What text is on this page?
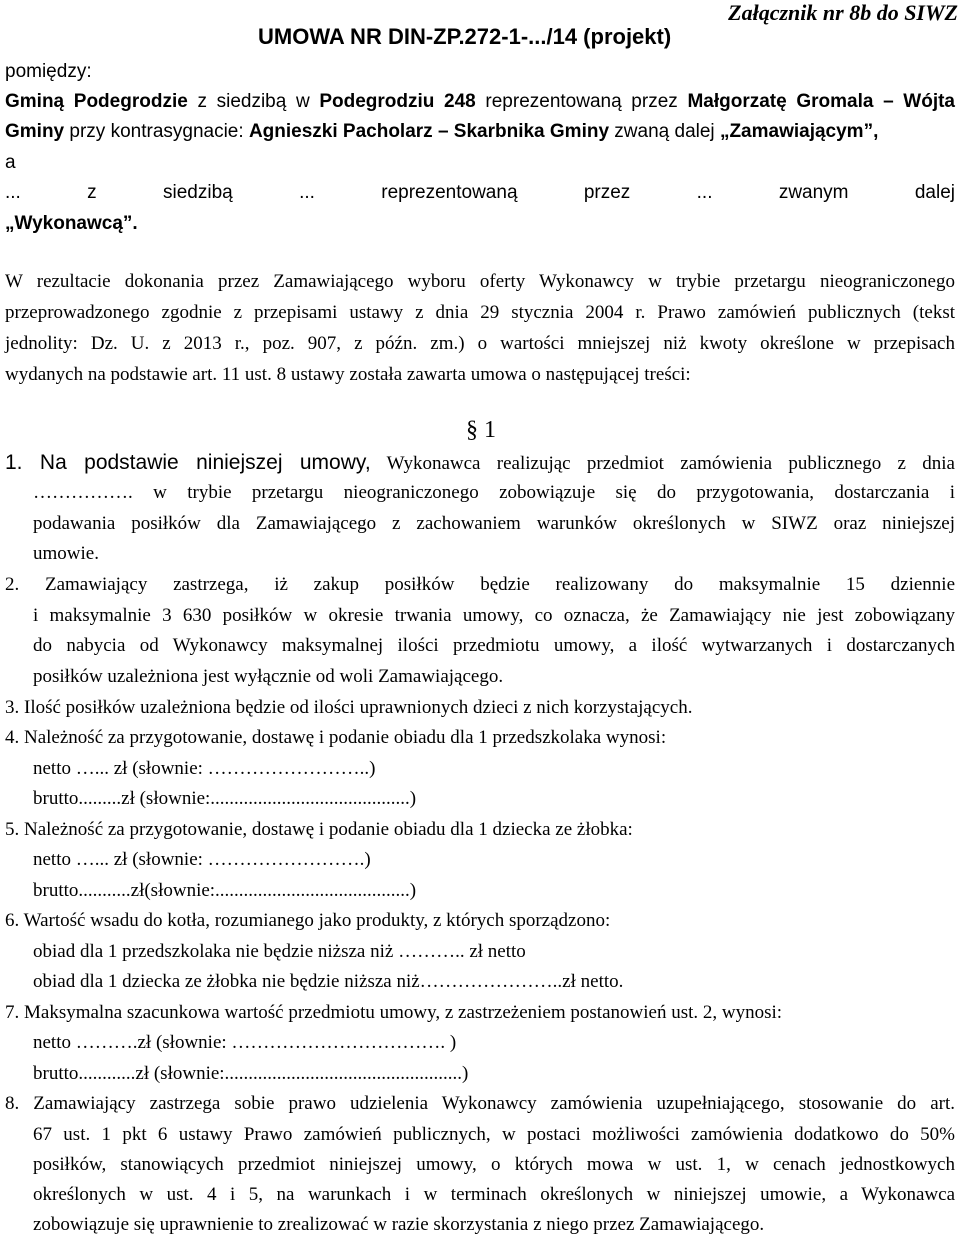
Załącznik nr 8b do SIWZ
UMOWA NR DIN-ZP.272-1-.../14 (projekt)
pomiędzy:
Gminą Podegrodzie z siedzibą w Podegrodziu 248 reprezentowaną przez Małgorzatę Gromala – Wójta
Gminy przy kontrasygnacie: Agnieszki Pacholarz – Skarbnika Gminy zwaną dalej „Zamawiającym”,
a
... z siedzibą ... reprezentowaną przez ... zwanym dalej
„Wykonawcą”.
W rezultacie dokonania przez Zamawiającego wyboru oferty Wykonawcy w trybie przetargu nieograniczonego
przeprowadzonego zgodnie z przepisami ustawy z dnia 29 stycznia 2004 r. Prawo zamówień publicznych (tekst
jednolity: Dz. U. z 2013 r., poz. 907, z późn. zm.) o wartości mniejszej niż kwoty określone w przepisach
wydanych na podstawie art. 11 ust. 8 ustawy została zawarta umowa o następującej treści:
§ 1
1. Na podstawie niniejszej umowy, Wykonawca realizując przedmiot zamówienia publicznego z dnia
……………. w trybie przetargu nieograniczonego zobowiązuje się do przygotowania, dostarczania i
podawania posiłków dla Zamawiającego z zachowaniem warunków określonych w SIWZ oraz niniejszej
umowie.
2. Zamawiający zastrzega, iż zakup posiłków będzie realizowany do maksymalnie 15 dziennie
i maksymalnie 3 630 posiłków w okresie trwania umowy, co oznacza, że Zamawiający nie jest zobowiązany
do nabycia od Wykonawcy maksymalnej ilości przedmiotu umowy, a ilość wytwarzanych i dostarczanych
posiłków uzależniona jest wyłącznie od woli Zamawiającego.
3. Ilość posiłków uzależniona będzie od ilości uprawnionych dzieci z nich korzystających.
4. Należność za przygotowanie, dostawę i podanie obiadu dla 1 przedszkolaka wynosi:
netto …... zł (słownie: ……………………..)
brutto.........zł (słownie:..........................................)
5. Należność za przygotowanie, dostawę i podanie obiadu dla 1 dziecka ze żłobka:
netto …... zł (słownie: …………………….)
brutto...........zł(słownie:.........................................)
6. Wartość wsadu do kotła, rozumianego jako produkty, z których sporządzono:
obiad dla 1 przedszkolaka nie będzie niższa niż ……….. zł netto
obiad dla 1 dziecka ze żłobka nie będzie niższa niż…………………..zł netto.
7. Maksymalna szacunkowa wartość przedmiotu umowy, z zastrzeżeniem postanowień ust. 2, wynosi:
netto ……….zł (słownie: ……………………………. )
brutto............zł (słownie:..................................................)
8. Zamawiający zastrzega sobie prawo udzielenia Wykonawcy zamówienia uzupełniającego, stosowanie do art.
67 ust. 1 pkt 6 ustawy Prawo zamówień publicznych, w postaci możliwości zamówienia dodatkowo do 50%
posiłków, stanowiących przedmiot niniejszej umowy, o których mowa w ust. 1, w cenach jednostkowych
określonych w ust. 4 i 5, na warunkach i w terminach określonych w niniejszej umowie, a Wykonawca
zobowiązuje się uprawnienie to zrealizować w razie skorzystania z niego przez Zamawiającego.
